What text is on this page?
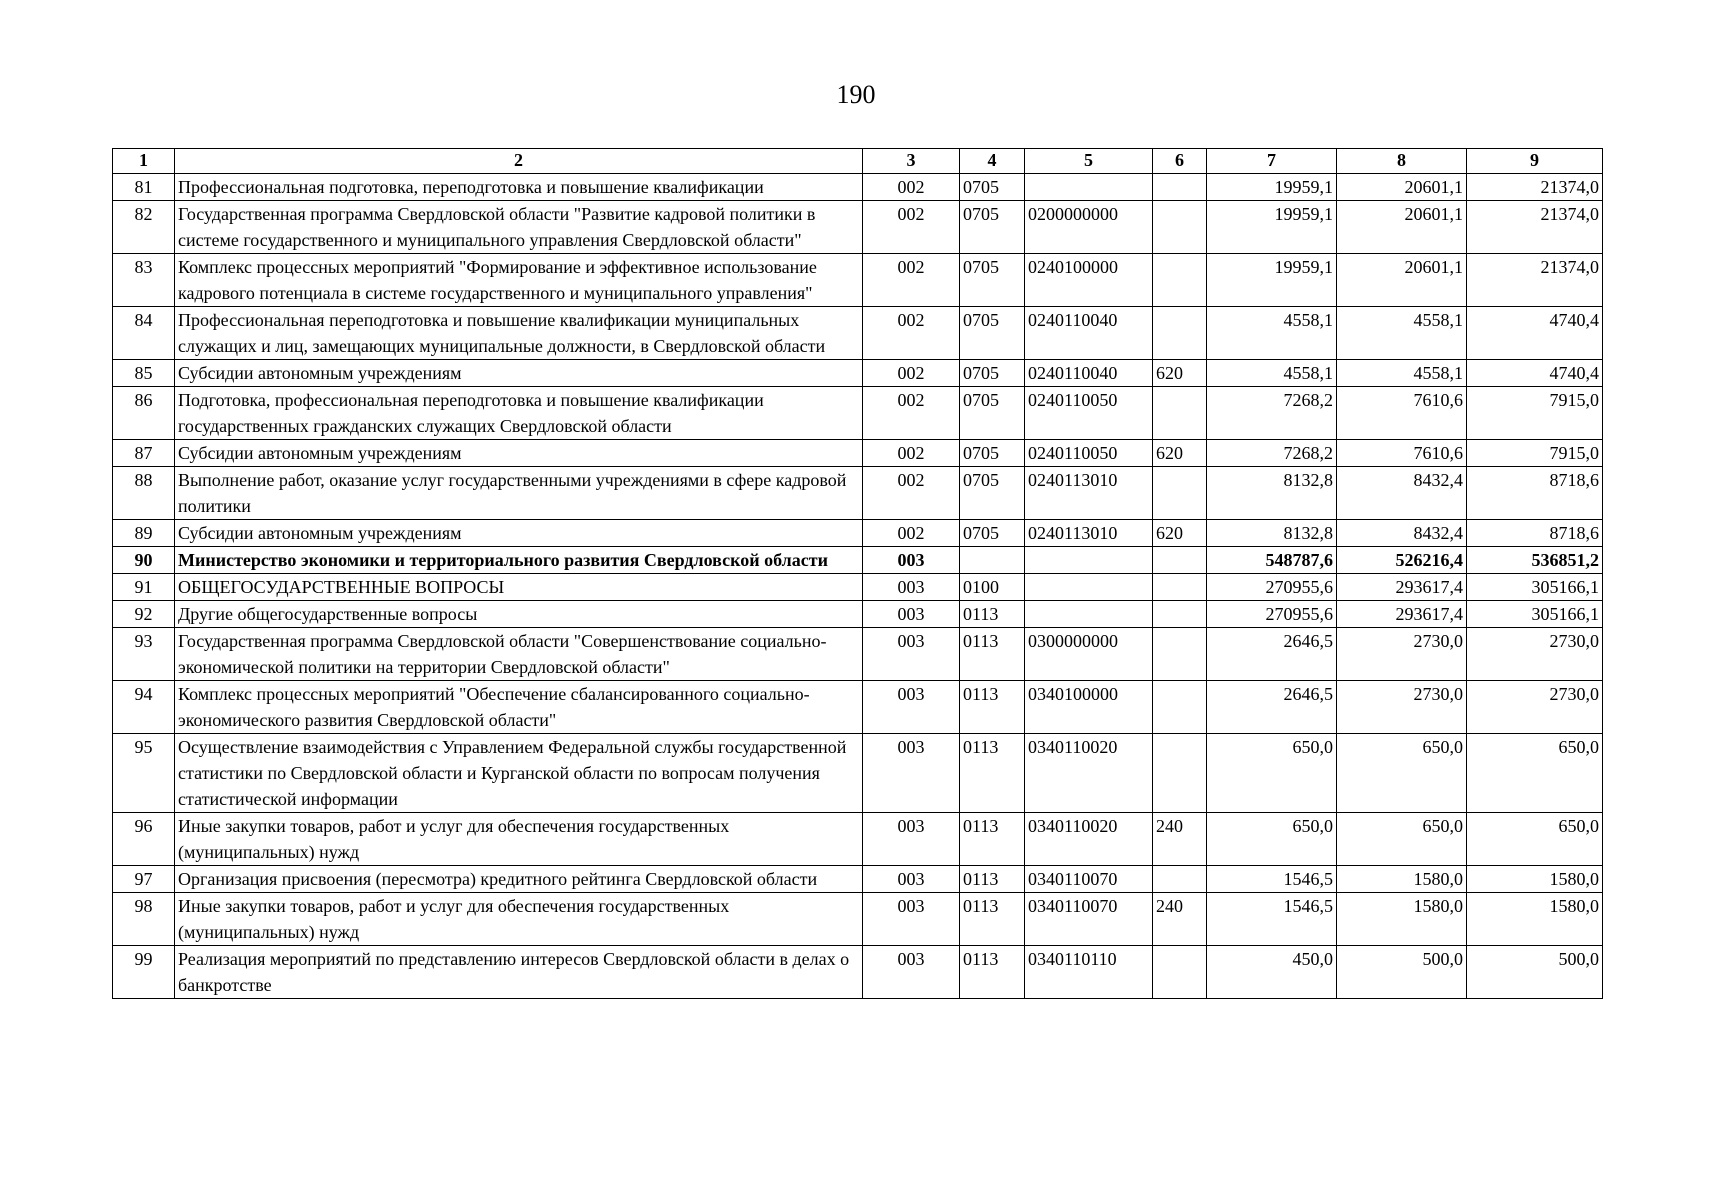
190
1	2	3	4	5	6	7	8	9
81	Профессиональная подготовка, переподготовка и повышение квалификации	002	0705			19959,1	20601,1	21374,0
82	Государственная программа Свердловской области "Развитие кадровой политики в системе государственного и муниципального управления Свердловской области"	002	0705	0200000000		19959,1	20601,1	21374,0
83	Комплекс процессных мероприятий "Формирование и эффективное использование кадрового потенциала в системе государственного и муниципального управления"	002	0705	0240100000		19959,1	20601,1	21374,0
84	Профессиональная переподготовка и повышение квалификации муниципальных служащих и лиц, замещающих муниципальные должности, в Свердловской области	002	0705	0240110040		4558,1	4558,1	4740,4
85	Субсидии автономным учреждениям	002	0705	0240110040	620	4558,1	4558,1	4740,4
86	Подготовка, профессиональная переподготовка и повышение квалификации государственных гражданских служащих Свердловской области	002	0705	0240110050		7268,2	7610,6	7915,0
87	Субсидии автономным учреждениям	002	0705	0240110050	620	7268,2	7610,6	7915,0
88	Выполнение работ, оказание услуг государственными учреждениями в сфере кадровой политики	002	0705	0240113010		8132,8	8432,4	8718,6
89	Субсидии автономным учреждениям	002	0705	0240113010	620	8132,8	8432,4	8718,6
90	Министерство экономики и территориального развития Свердловской области	003				548787,6	526216,4	536851,2
91	ОБЩЕГОСУДАРСТВЕННЫЕ ВОПРОСЫ	003	0100			270955,6	293617,4	305166,1
92	Другие общегосударственные вопросы	003	0113			270955,6	293617,4	305166,1
93	Государственная программа Свердловской области "Совершенствование социально-экономической политики на территории Свердловской области"	003	0113	0300000000		2646,5	2730,0	2730,0
94	Комплекс процессных мероприятий "Обеспечение сбалансированного социально-экономического развития Свердловской области"	003	0113	0340100000		2646,5	2730,0	2730,0
95	Осуществление взаимодействия с Управлением Федеральной службы государственной статистики по Свердловской области и Курганской области по вопросам получения статистической информации	003	0113	0340110020		650,0	650,0	650,0
96	Иные закупки товаров, работ и услуг для обеспечения государственных (муниципальных) нужд	003	0113	0340110020	240	650,0	650,0	650,0
97	Организация присвоения (пересмотра) кредитного рейтинга Свердловской области	003	0113	0340110070		1546,5	1580,0	1580,0
98	Иные закупки товаров, работ и услуг для обеспечения государственных (муниципальных) нужд	003	0113	0340110070	240	1546,5	1580,0	1580,0
99	Реализация мероприятий по представлению интересов Свердловской области в делах о банкротстве	003	0113	0340110110		450,0	500,0	500,0
